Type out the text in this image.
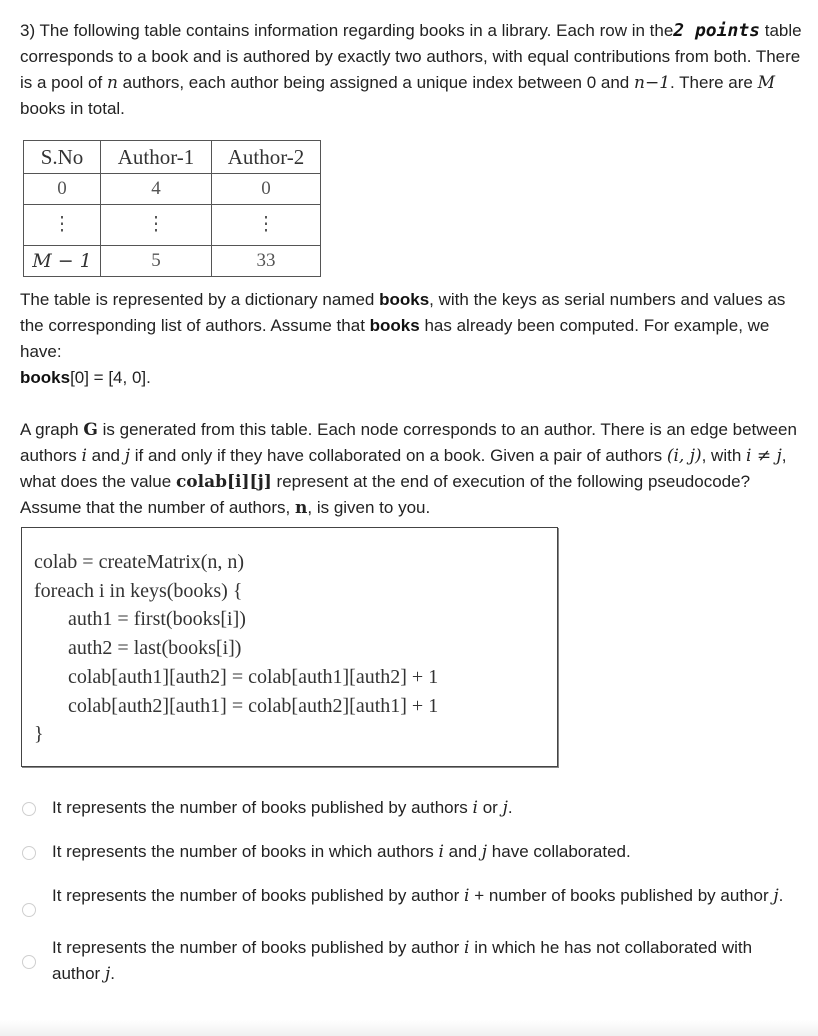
3) The following table contains information regarding books in a library. Each row in the2 points table corresponds to a book and is authored by exactly two authors, with equal contributions from both. There is a pool of n authors, each author being assigned a unique index between 0 and n−1. There are M books in total.

S.No	Author-1	Author-2
0	4	0
⋮	⋮	⋮
M − 1	5	33

The table is represented by a dictionary named books, with the keys as serial numbers and values as the corresponding list of authors. Assume that books has already been computed. For example, we have:
books[0] = [4, 0].

A graph G is generated from this table. Each node corresponds to an author. There is an edge between authors i and j if and only if they have collaborated on a book. Given a pair of authors (i, j), with i ≠ j, what does the value colab[i][j] represent at the end of execution of the following pseudocode? Assume that the number of authors, n, is given to you.

colab = createMatrix(n, n)
foreach i in keys(books) {
auth1 = first(books[i])
auth2 = last(books[i])
colab[auth1][auth2] = colab[auth1][auth2] + 1
colab[auth2][auth1] = colab[auth2][auth1] + 1
}
It represents the number of books published by authors i or j.
It represents the number of books in which authors i and j have collaborated.
It represents the number of books published by author i + number of books published by author j.
It represents the number of books published by author i in which he has not collaborated with author j.
